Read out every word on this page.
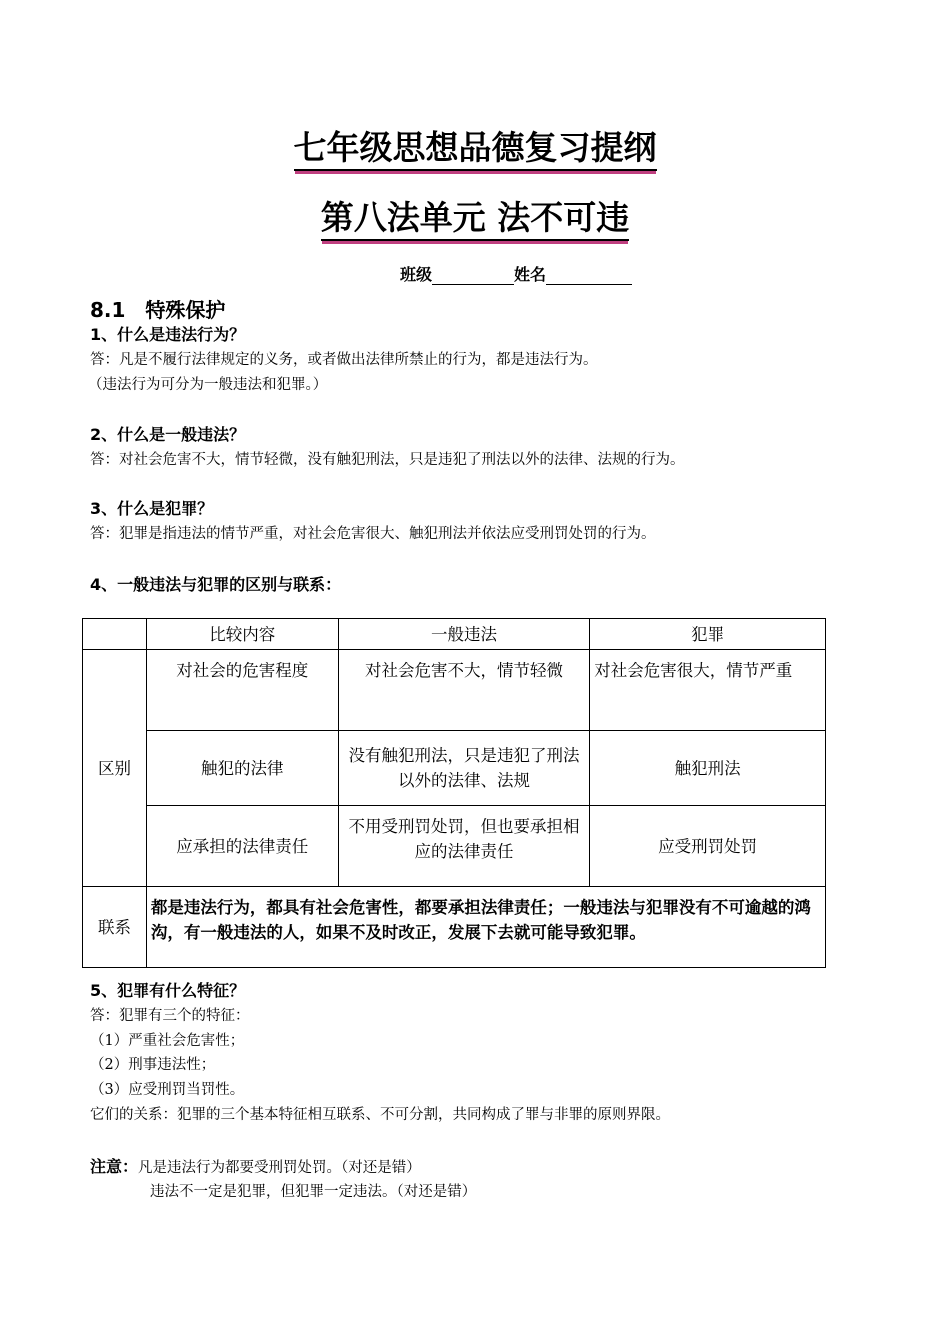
七年级思想品德复习提纲
第八法单元 法不可违
班级	姓名
8.1　特殊保护
1、什么是违法行为？
答：凡是不履行法律规定的义务，或者做出法律所禁止的行为，都是违法行为。
（违法行为可分为一般违法和犯罪。）
2、什么是一般违法？
答：对社会危害不大，情节轻微，没有触犯刑法，只是违犯了刑法以外的法律、法规的行为。
3、什么是犯罪？
答：犯罪是指违法的情节严重，对社会危害很大、触犯刑法并依法应受刑罚处罚的行为。
4、一般违法与犯罪的区别与联系：
	比较内容	一般违法	犯罪
区别	对社会的危害程度	对社会危害不大，情节轻微	对社会危害很大，情节严重
	触犯的法律	没有触犯刑法，只是违犯了刑法以外的法律、法规	触犯刑法
	应承担的法律责任	不用受刑罚处罚，但也要承担相应的法律责任	应受刑罚处罚
联系	都是违法行为，都具有社会危害性，都要承担法律责任；一般违法与犯罪没有不可逾越的鸿沟，有一般违法的人，如果不及时改正，发展下去就可能导致犯罪。		
5、犯罪有什么特征？
答：犯罪有三个的特征：
（1）严重社会危害性；
（2）刑事违法性；
（3）应受刑罚当罚性。
它们的关系：犯罪的三个基本特征相互联系、不可分割，共同构成了罪与非罪的原则界限。
注意：凡是违法行为都要受刑罚处罚。（对还是错）
违法不一定是犯罪，但犯罪一定违法。（对还是错）
